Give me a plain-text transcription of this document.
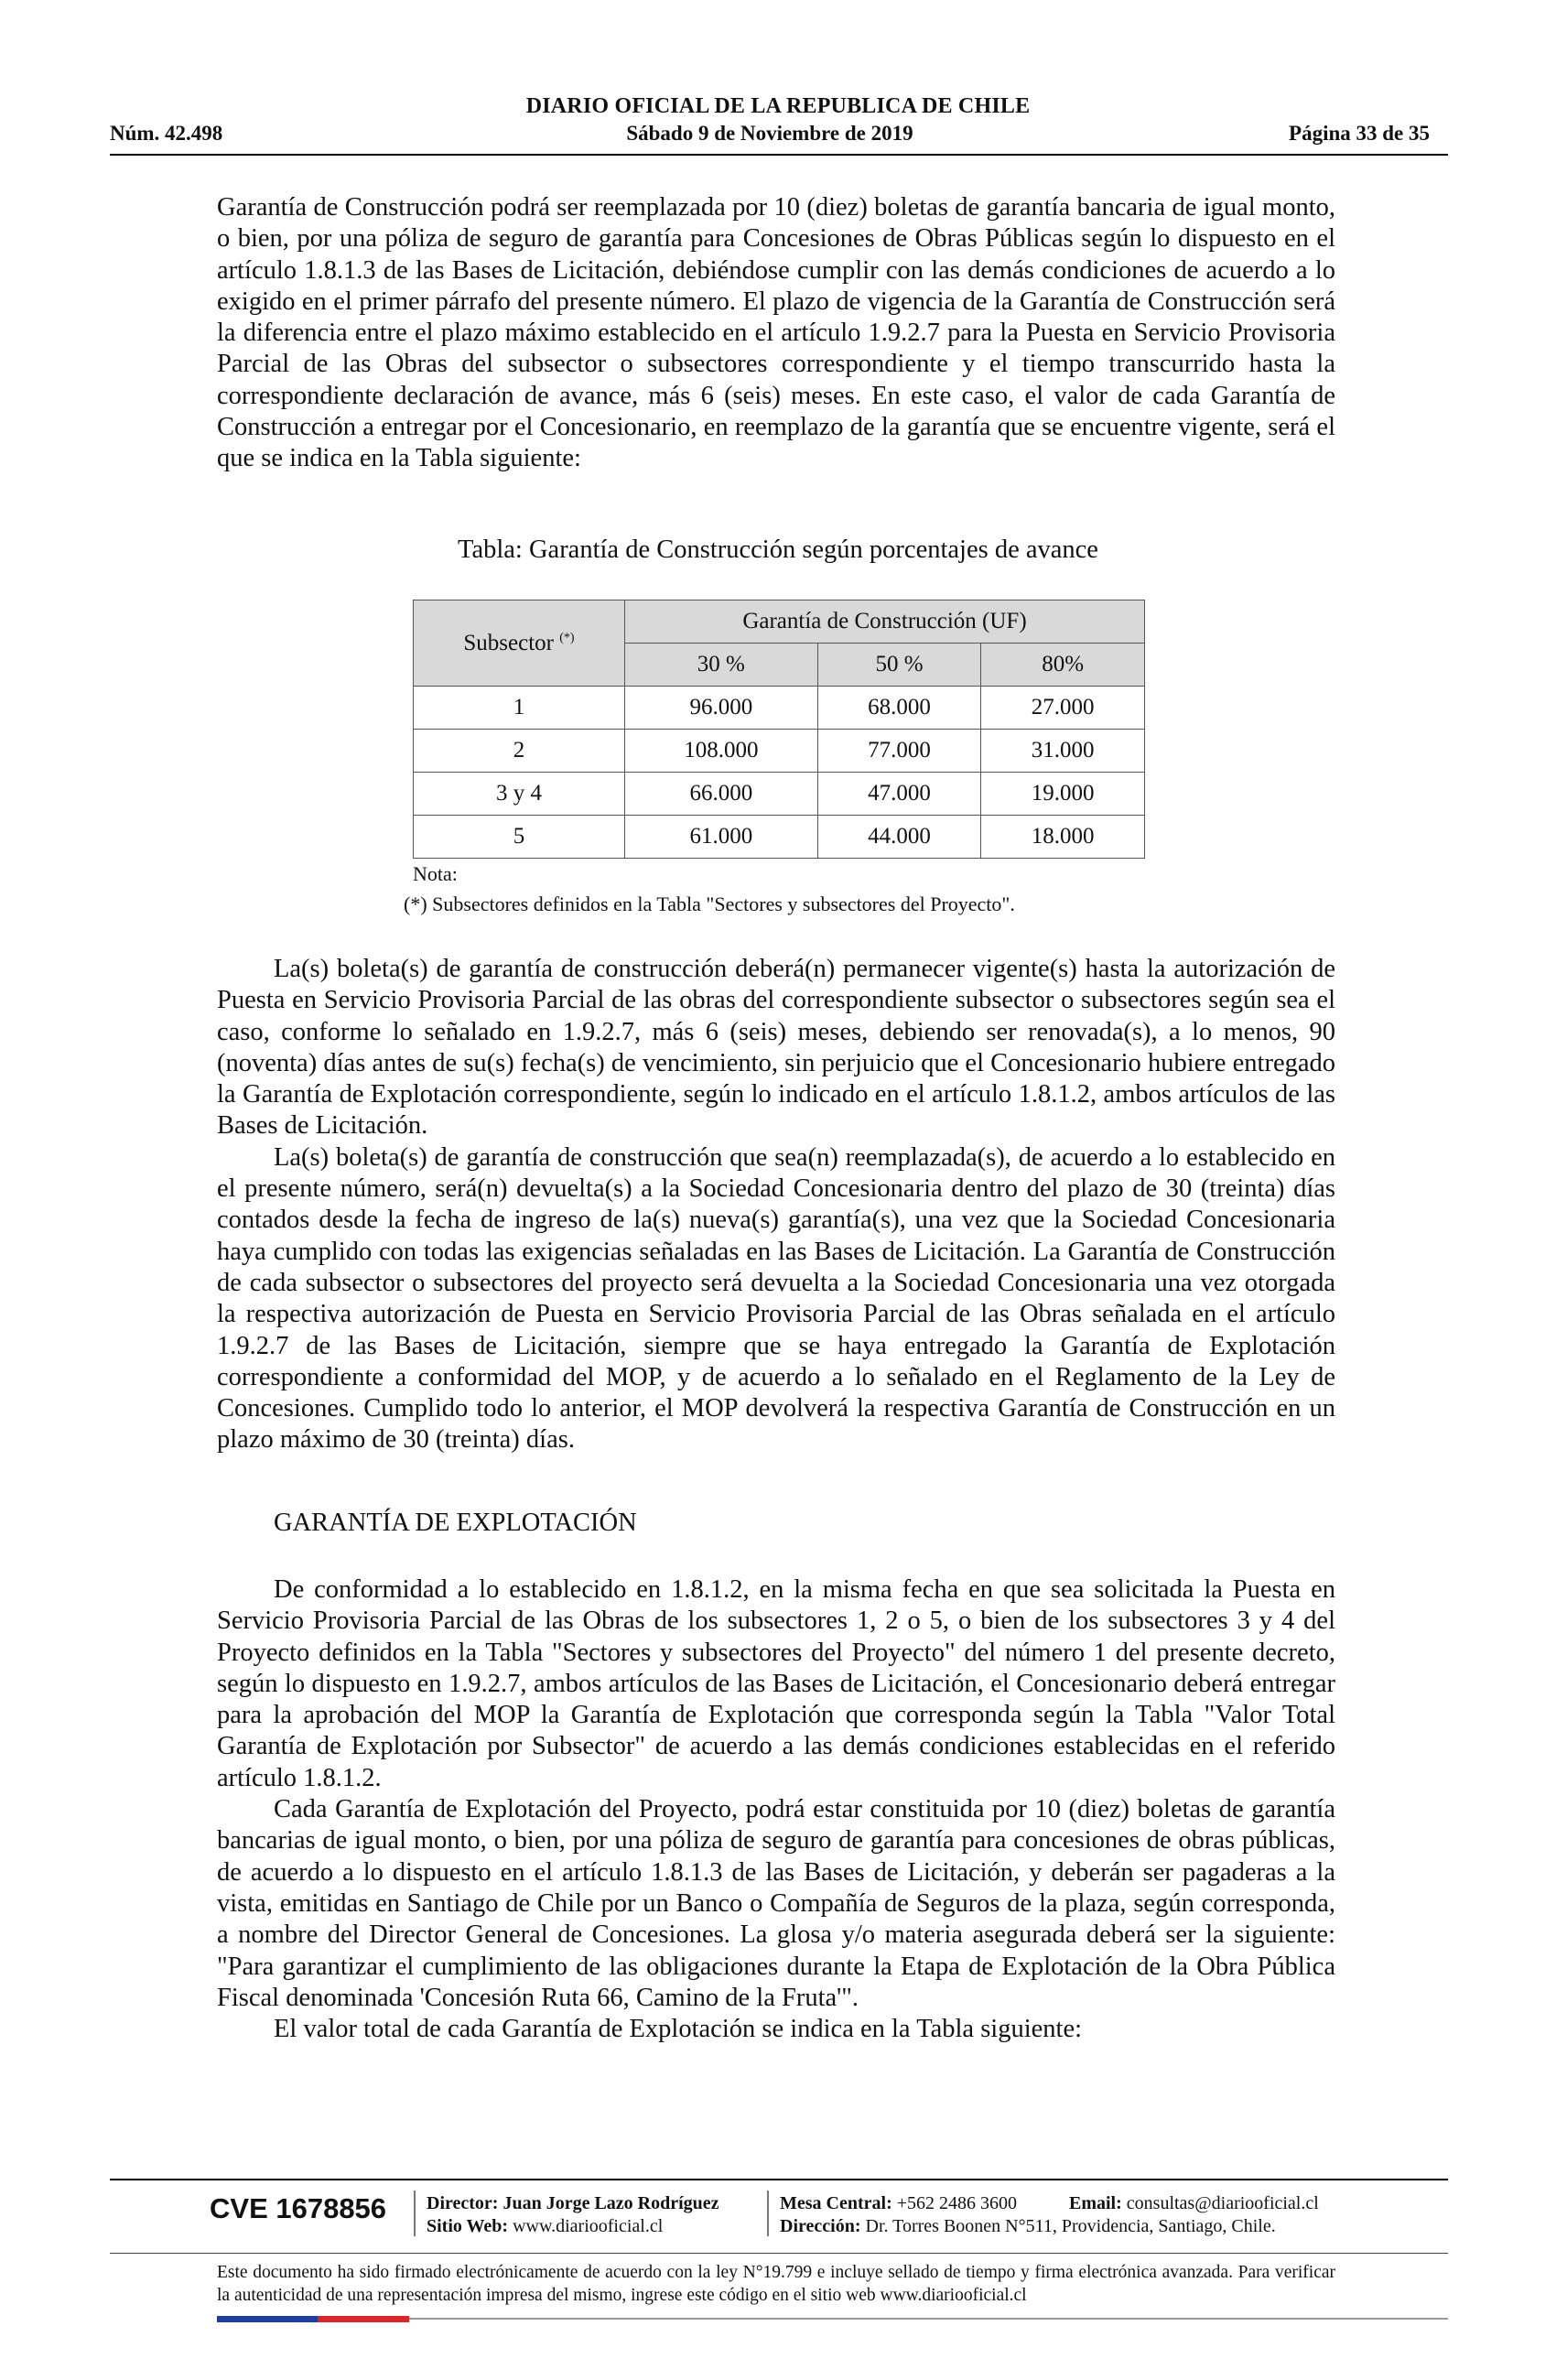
DIARIO OFICIAL DE LA REPUBLICA DE CHILE
Núm. 42.498	Sábado 9 de Noviembre de 2019	Página 33 de 35

Garantía de Construcción podrá ser reemplazada por 10 (diez) boletas de garantía bancaria de igual monto, o bien, por una póliza de seguro de garantía para Concesiones de Obras Públicas según lo dispuesto en el artículo 1.8.1.3 de las Bases de Licitación, debiéndose cumplir con las demás condiciones de acuerdo a lo exigido en el primer párrafo del presente número. El plazo de vigencia de la Garantía de Construcción será la diferencia entre el plazo máximo establecido en el artículo 1.9.2.7 para la Puesta en Servicio Provisoria Parcial de las Obras del subsector o subsectores correspondiente y el tiempo transcurrido hasta la correspondiente declaración de avance, más 6 (seis) meses. En este caso, el valor de cada Garantía de Construcción a entregar por el Concesionario, en reemplazo de la garantía que se encuentre vigente, será el que se indica en la Tabla siguiente:

Tabla: Garantía de Construcción según porcentajes de avance
Subsector (*)	Garantía de Construcción (UF)		
	30 %	50 %	80%
1	96.000	68.000	27.000
2	108.000	77.000	31.000
3 y 4	66.000	47.000	19.000
5	61.000	44.000	18.000
Nota:
(*) Subsectores definidos en la Tabla "Sectores y subsectores del Proyecto".

La(s) boleta(s) de garantía de construcción deberá(n) permanecer vigente(s) hasta la autorización de Puesta en Servicio Provisoria Parcial de las obras del correspondiente subsector o subsectores según sea el caso, conforme lo señalado en 1.9.2.7, más 6 (seis) meses, debiendo ser renovada(s), a lo menos, 90 (noventa) días antes de su(s) fecha(s) de vencimiento, sin perjuicio que el Concesionario hubiere entregado la Garantía de Explotación correspondiente, según lo indicado en el artículo 1.8.1.2, ambos artículos de las Bases de Licitación.

La(s) boleta(s) de garantía de construcción que sea(n) reemplazada(s), de acuerdo a lo establecido en el presente número, será(n) devuelta(s) a la Sociedad Concesionaria dentro del plazo de 30 (treinta) días contados desde la fecha de ingreso de la(s) nueva(s) garantía(s), una vez que la Sociedad Concesionaria haya cumplido con todas las exigencias señaladas en las Bases de Licitación. La Garantía de Construcción de cada subsector o subsectores del proyecto será devuelta a la Sociedad Concesionaria una vez otorgada la respectiva autorización de Puesta en Servicio Provisoria Parcial de las Obras señalada en el artículo 1.9.2.7 de las Bases de Licitación, siempre que se haya entregado la Garantía de Explotación correspondiente a conformidad del MOP, y de acuerdo a lo señalado en el Reglamento de la Ley de Concesiones. Cumplido todo lo anterior, el MOP devolverá la respectiva Garantía de Construcción en un plazo máximo de 30 (treinta) días.

GARANTÍA DE EXPLOTACIÓN

De conformidad a lo establecido en 1.8.1.2, en la misma fecha en que sea solicitada la Puesta en Servicio Provisoria Parcial de las Obras de los subsectores 1, 2 o 5, o bien de los subsectores 3 y 4 del Proyecto definidos en la Tabla "Sectores y subsectores del Proyecto" del número 1 del presente decreto, según lo dispuesto en 1.9.2.7, ambos artículos de las Bases de Licitación, el Concesionario deberá entregar para la aprobación del MOP la Garantía de Explotación que corresponda según la Tabla "Valor Total Garantía de Explotación por Subsector" de acuerdo a las demás condiciones establecidas en el referido artículo 1.8.1.2.

Cada Garantía de Explotación del Proyecto, podrá estar constituida por 10 (diez) boletas de garantía bancarias de igual monto, o bien, por una póliza de seguro de garantía para concesiones de obras públicas, de acuerdo a lo dispuesto en el artículo 1.8.1.3 de las Bases de Licitación, y deberán ser pagaderas a la vista, emitidas en Santiago de Chile por un Banco o Compañía de Seguros de la plaza, según corresponda, a nombre del Director General de Concesiones. La glosa y/o materia asegurada deberá ser la siguiente: "Para garantizar el cumplimiento de las obligaciones durante la Etapa de Explotación de la Obra Pública Fiscal denominada 'Concesión Ruta 66, Camino de la Fruta'".

El valor total de cada Garantía de Explotación se indica en la Tabla siguiente:

CVE 1678856 Director: Juan Jorge Lazo Rodríguez
Sitio Web: www.diariooficial.cl
Mesa Central: +562 2486 3600
Dirección: Dr. Torres Boonen N°511, Providencia, Santiago, Chile.
Email: consultas@diariooficial.cl
Este documento ha sido firmado electrónicamente de acuerdo con la ley N°19.799 e incluye sellado de tiempo y firma electrónica avanzada. Para verificar la autenticidad de una representación impresa del mismo, ingrese este código en el sitio web www.diariooficial.cl
